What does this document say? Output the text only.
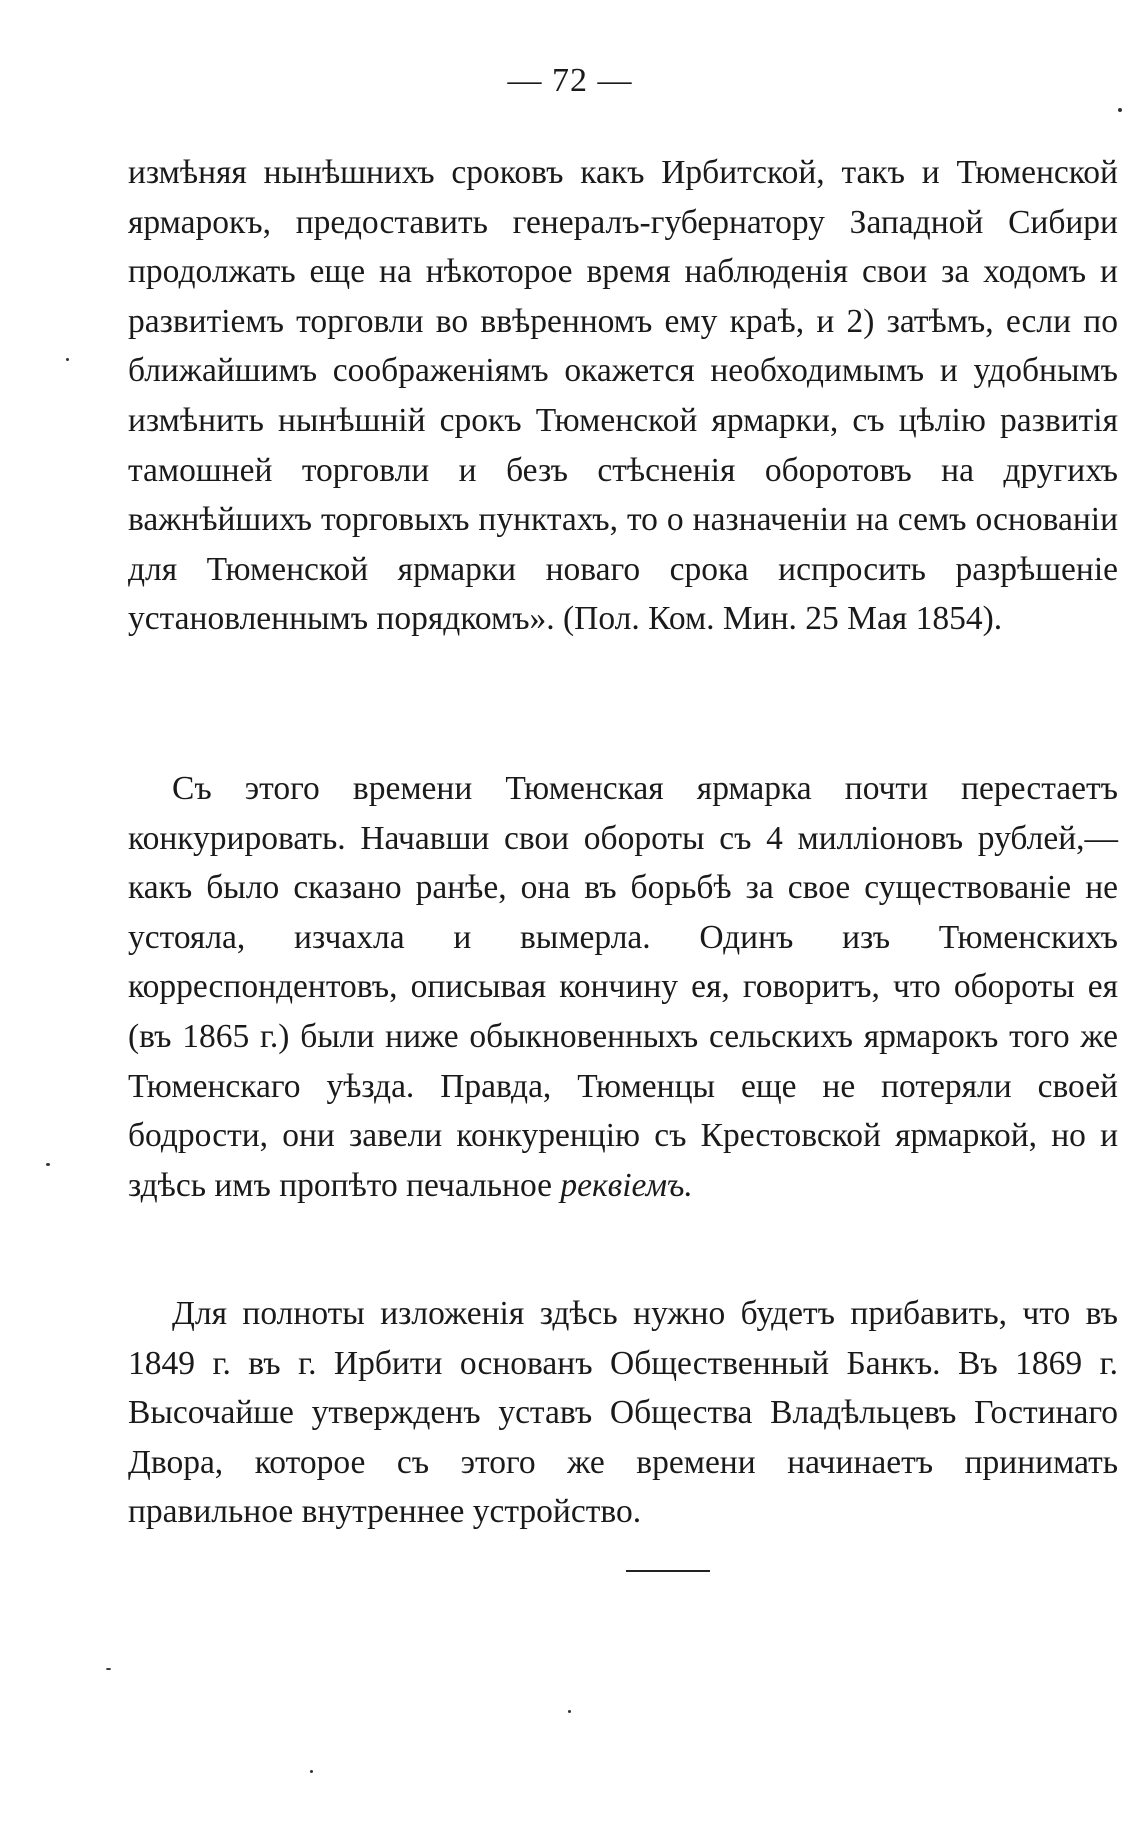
— 72 —

измѣняя нынѣшнихъ сроковъ какъ Ирбитской, такъ и Тюменской ярмарокъ, предоставить генералъ-губернатору Западной Сибири продолжать еще на нѣкоторое время наблюденія свои за ходомъ и развитіемъ торговли во ввѣренномъ ему краѣ, и 2) затѣмъ, если по ближайшимъ соображеніямъ окажется необходимымъ и удобнымъ измѣнить нынѣшній срокъ Тюменской ярмарки, съ цѣлію развитія тамошней торговли и безъ стѣсненія оборотовъ на другихъ важнѣйшихъ торговыхъ пунктахъ, то о назначеніи на семъ основаніи для Тюменской ярмарки новаго срока испросить разрѣшеніе установленнымъ порядкомъ». (Пол. Ком. Мин. 25 Мая 1854).

Съ этого времени Тюменская ярмарка почти перестаетъ конкурировать. Начавши свои обороты съ 4 милліоновъ рублей,—какъ было сказано ранѣе, она въ борьбѣ за свое существованіе не устояла, изчахла и вымерла. Одинъ изъ Тюменскихъ корреспондентовъ, описывая кончину ея, говоритъ, что обороты ея (въ 1865 г.) были ниже обыкновенныхъ сельскихъ ярмарокъ того же Тюменскаго уѣзда. Правда, Тюменцы еще не потеряли своей бодрости, они завели конкуренцію съ Крестовской ярмаркой, но и здѣсь имъ пропѣто печальное реквіемъ.

Для полноты изложенія здѣсь нужно будетъ прибавить, что въ 1849 г. въ г. Ирбити основанъ Общественный Банкъ. Въ 1869 г. Высочайше утвержденъ уставъ Общества Владѣльцевъ Гостинаго Двора, которое съ этого же времени начинаетъ принимать правильное внутреннее устройство.
